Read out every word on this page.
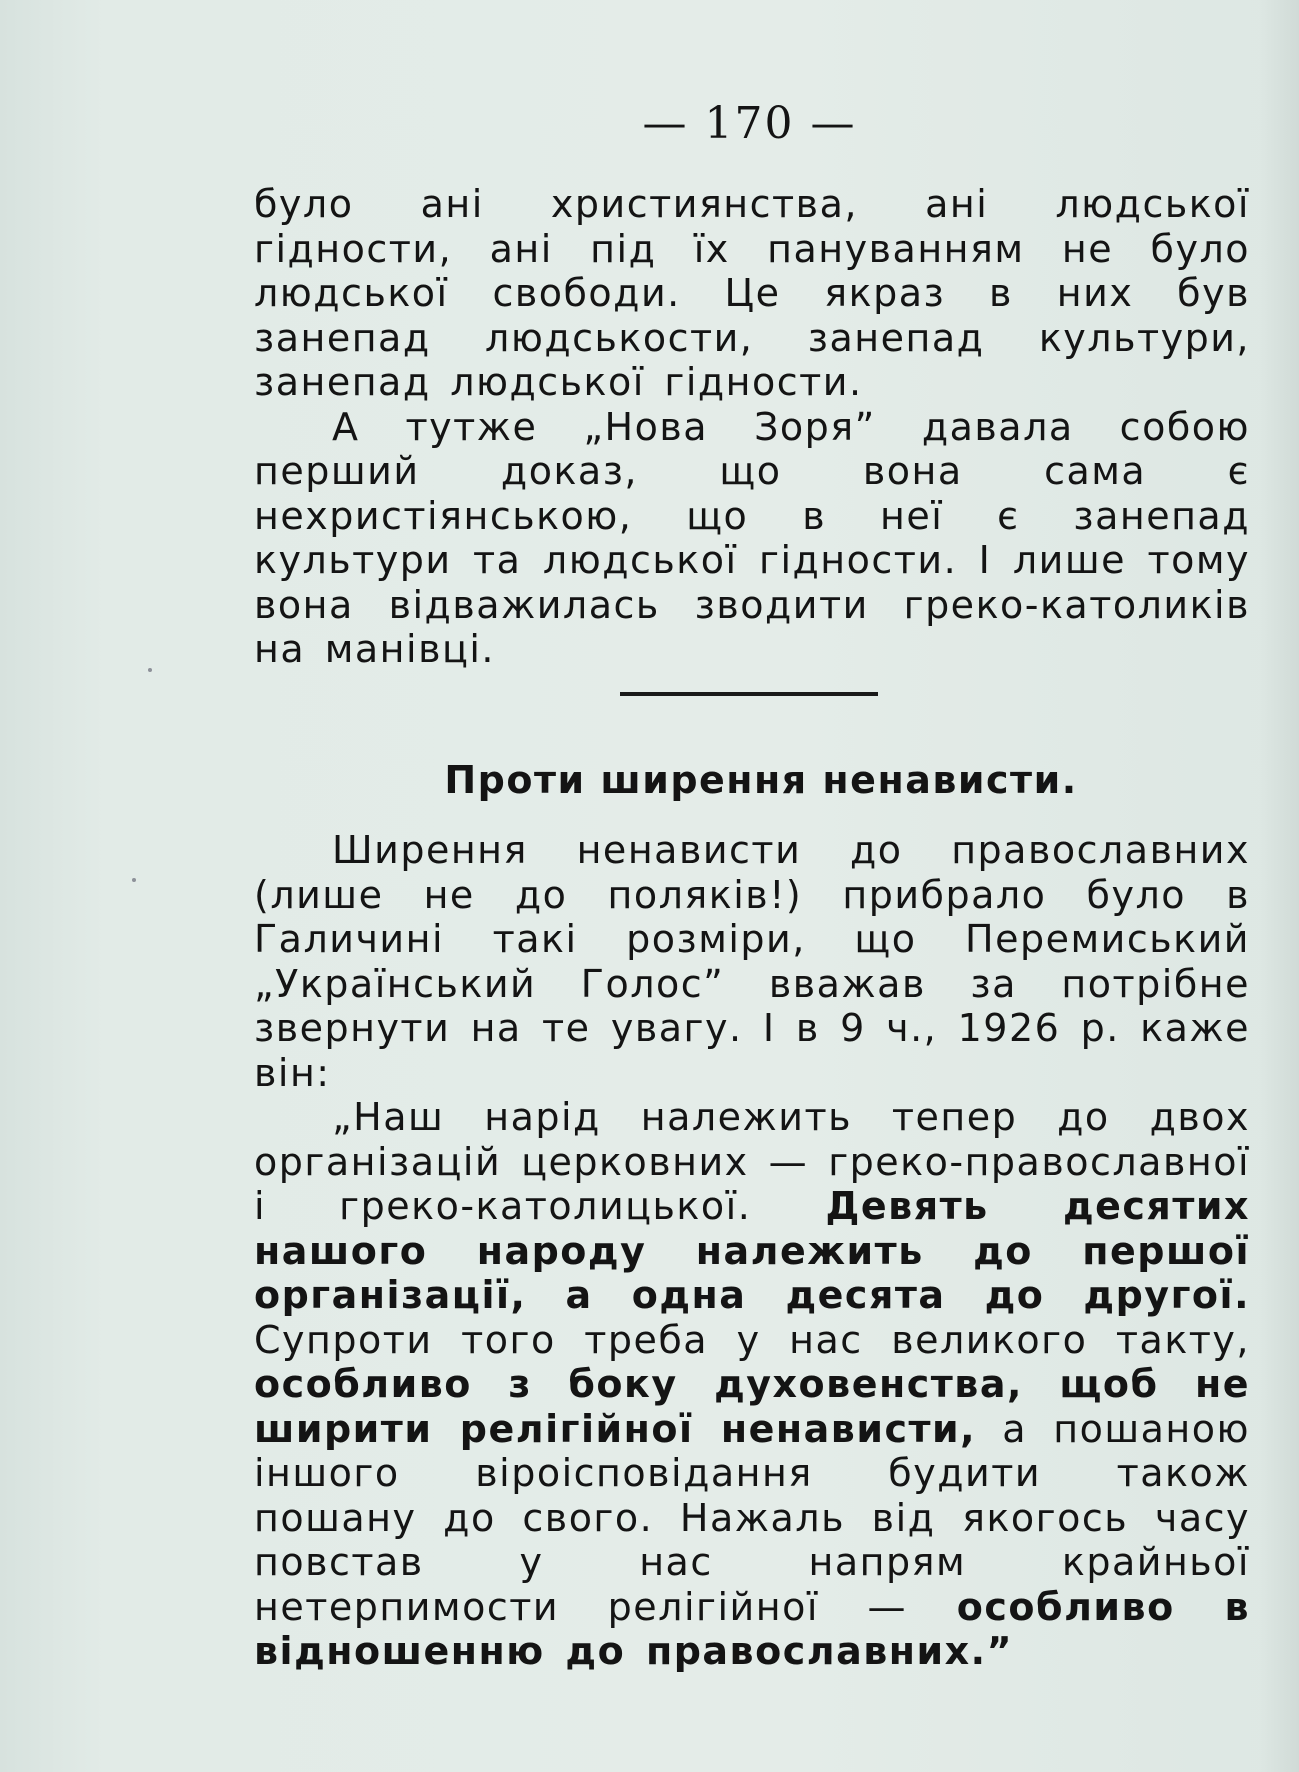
— 170 —

було ані християнства, ані людської гідности, ані під їх пануванням не було людської свободи. Це якраз в них був занепад людськости, занепад культури, занепад людської гідности.

А тутже „Нова Зоря” давала собою перший доказ, що вона сама є нехристіянською, що в неї є занепад культури та людської гідности. І лише тому вона відважилась зводити греко-католиків на манівці.

Проти ширення ненависти.

Ширення ненависти до православних (лише не до поляків!) прибрало було в Галичині такі розміри, що Перемиський „Український Голос” вважав за потрібне звернути на те увагу. І в 9 ч., 1926 р. каже він:

„Наш нарід належить тепер до двох організацій церковних — греко-православної і греко-католицької. Девять десятих нашого народу належить до першої організації, а одна десята до другої. Супроти того треба у нас великого такту, особливо з боку духовенства, щоб не ширити релігійної ненависти, а пошаною іншого віроісповідання будити також пошану до свого. Нажаль від якогось часу повстав у нас напрям крайньої нетерпимости релігійної — особливо в відношенню до православних.”
